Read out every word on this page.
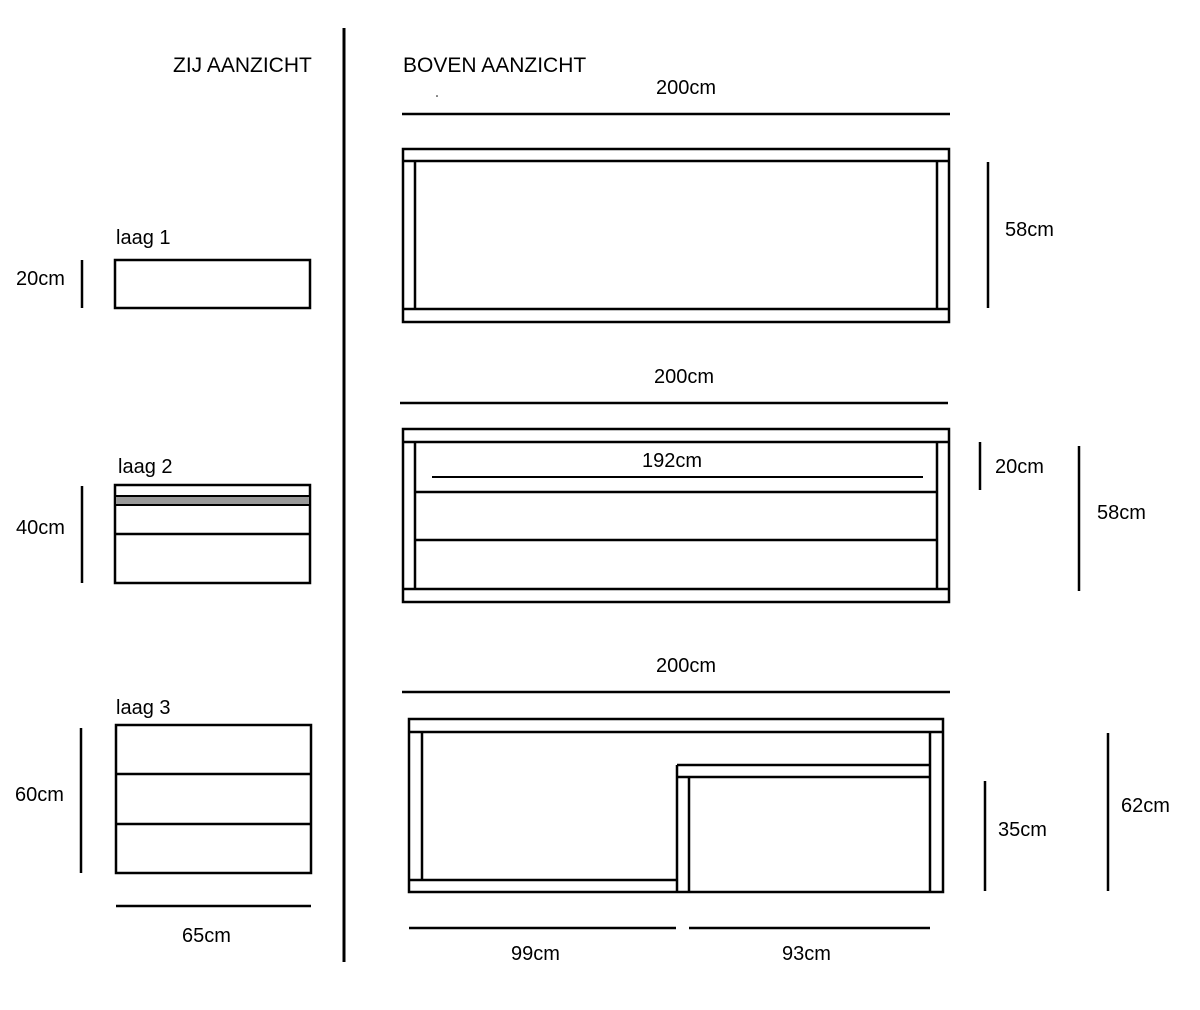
ZIJ AANZICHT	BOVEN AANZICHT
laag 1
20cm
laag 2
40cm
laag 3
60cm
65cm
200cm
58cm
200cm
192cm	20cm
58cm
200cm
35cm
62cm
99cm	93cm
